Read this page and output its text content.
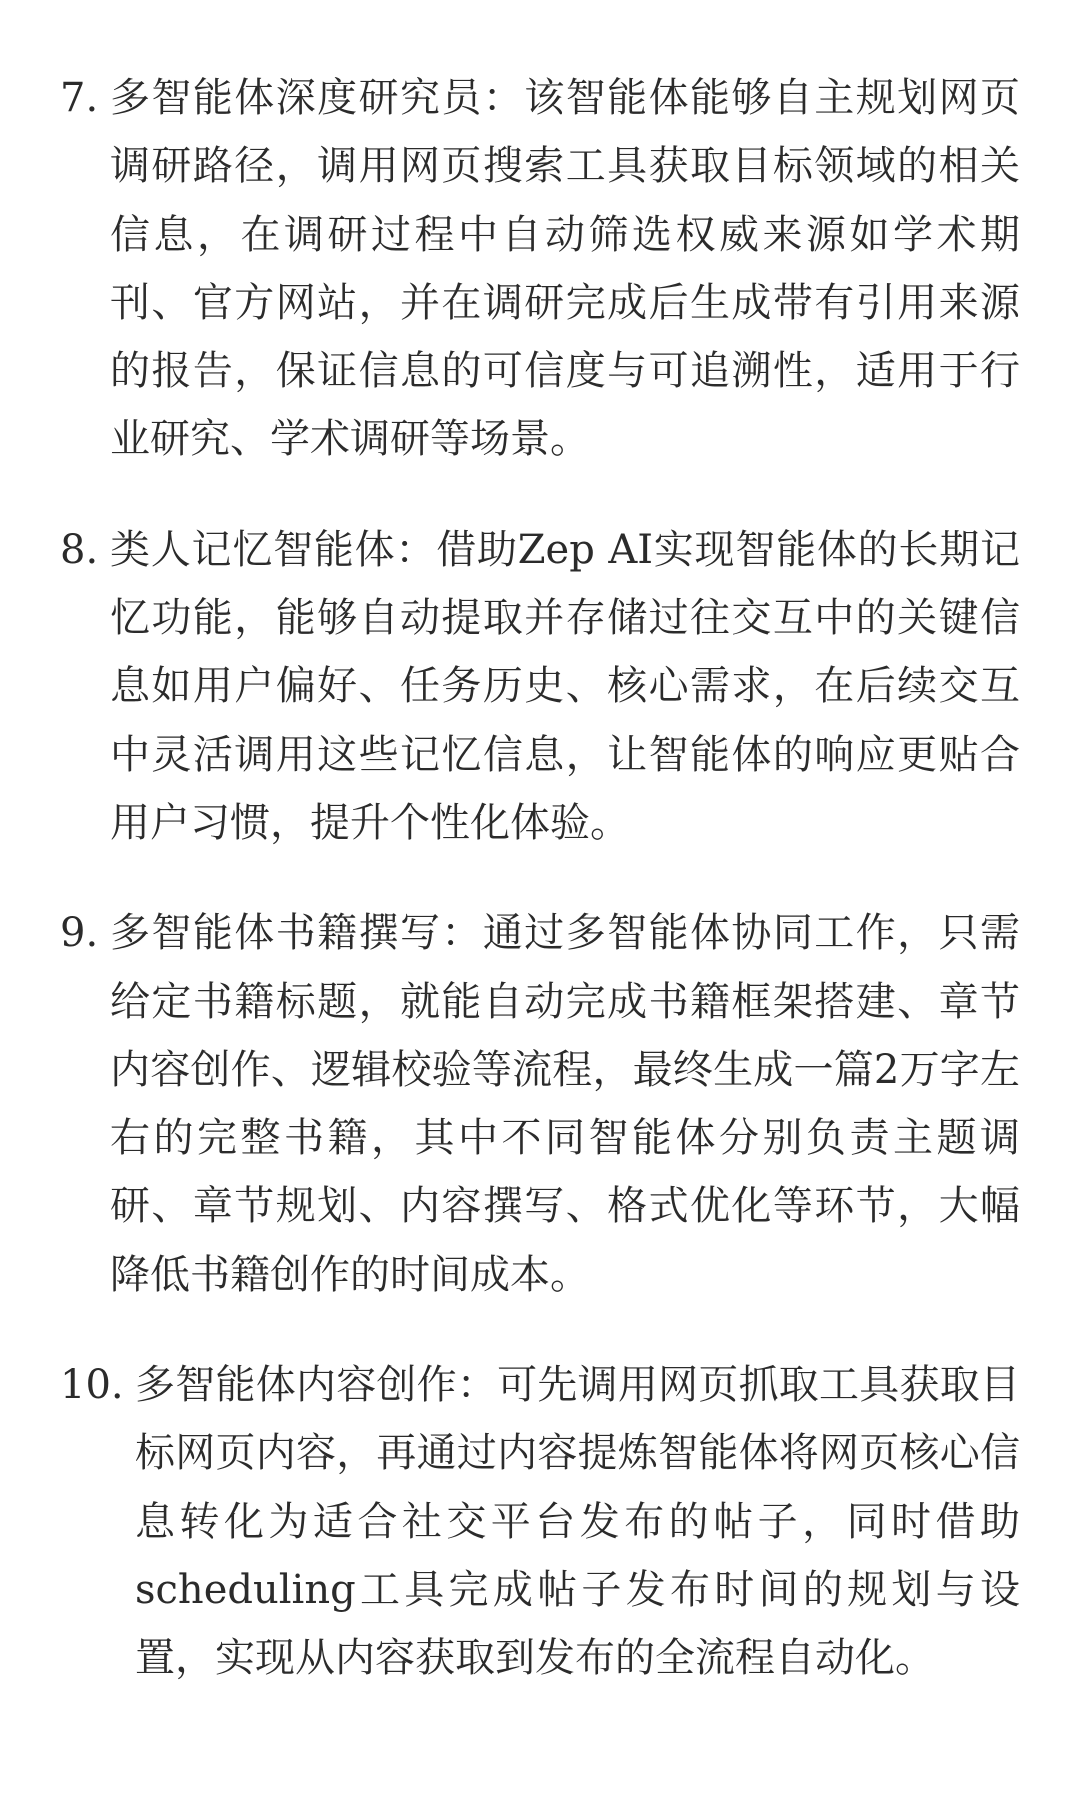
7. 多智能体深度研究员：该智能体能够自主规划网页调研路径，调用网页搜索工具获取目标领域的相关信息，在调研过程中自动筛选权威来源如学术期刊、官方网站，并在调研完成后生成带有引用来源的报告，保证信息的可信度与可追溯性，适用于行业研究、学术调研等场景。
8. 类人记忆智能体：借助Zep AI实现智能体的长期记忆功能，能够自动提取并存储过往交互中的关键信息如用户偏好、任务历史、核心需求，在后续交互中灵活调用这些记忆信息，让智能体的响应更贴合用户习惯，提升个性化体验。
9. 多智能体书籍撰写：通过多智能体协同工作，只需给定书籍标题，就能自动完成书籍框架搭建、章节内容创作、逻辑校验等流程，最终生成一篇2万字左右的完整书籍，其中不同智能体分别负责主题调研、章节规划、内容撰写、格式优化等环节，大幅降低书籍创作的时间成本。
10. 多智能体内容创作：可先调用网页抓取工具获取目标网页内容，再通过内容提炼智能体将网页核心信息转化为适合社交平台发布的帖子，同时借助scheduling工具完成帖子发布时间的规划与设置，实现从内容获取到发布的全流程自动化。
